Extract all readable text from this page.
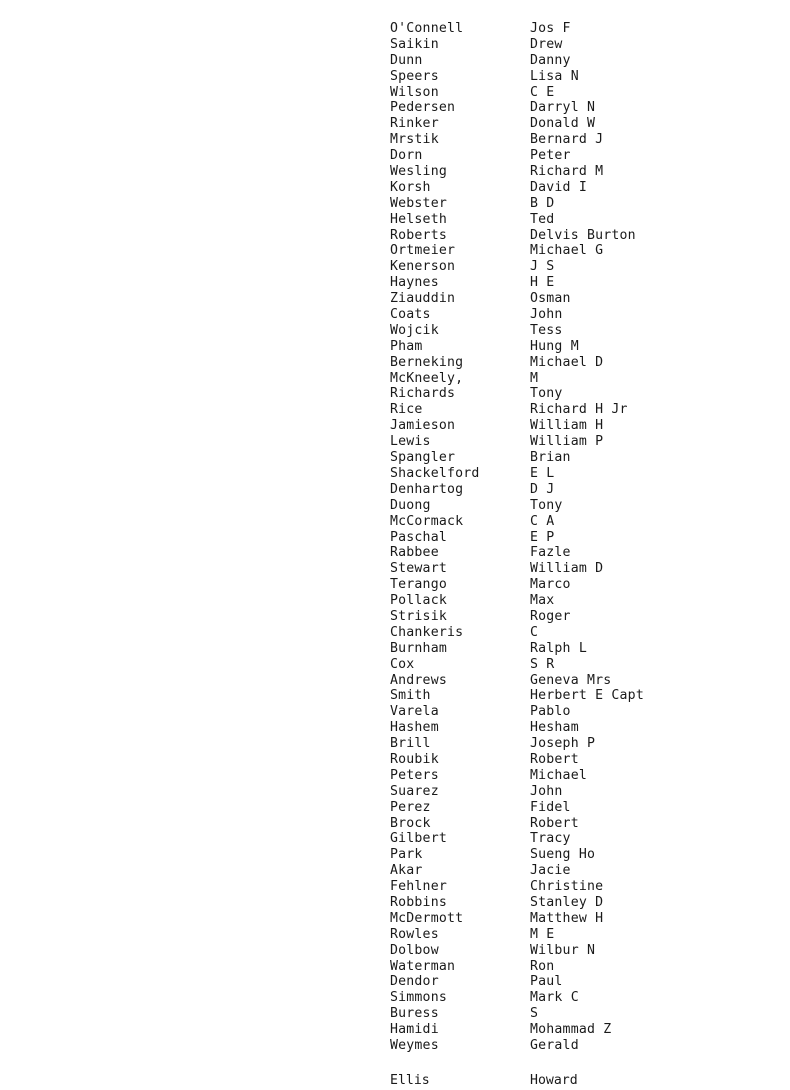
O'Connell	Jos F
Saikin	Drew
Dunn	Danny
Speers	Lisa N
Wilson	C E
Pedersen	Darryl N
Rinker	Donald W
Mrstik	Bernard J
Dorn	Peter
Wesling	Richard M
Korsh	David I
Webster	B D
Helseth	Ted
Roberts	Delvis Burton
Ortmeier	Michael G
Kenerson	J S
Haynes	H E
Ziauddin	Osman
Coats	John
Wojcik	Tess
Pham	Hung M
Berneking	Michael D
McKneely,	M
Richards	Tony
Rice	Richard H Jr
Jamieson	William H
Lewis	William P
Spangler	Brian
Shackelford	E L
Denhartog	D J
Duong	Tony
McCormack	C A
Paschal	E P
Rabbee	Fazle
Stewart	William D
Terango	Marco
Pollack	Max
Strisik	Roger
Chankeris	C
Burnham	Ralph L
Cox	S R
Andrews	Geneva Mrs
Smith	Herbert E Capt
Varela	Pablo
Hashem	Hesham
Brill	Joseph P
Roubik	Robert
Peters	Michael
Suarez	John
Perez	Fidel
Brock	Robert
Gilbert	Tracy
Park	Sueng Ho
Akar	Jacie
Fehlner	Christine
Robbins	Stanley D
McDermott	Matthew H
Rowles	M E
Dolbow	Wilbur N
Waterman	Ron
Dendor	Paul
Simmons	Mark C
Buress	S
Hamidi	Mohammad Z
Weymes	Gerald
Ellis	Howard
